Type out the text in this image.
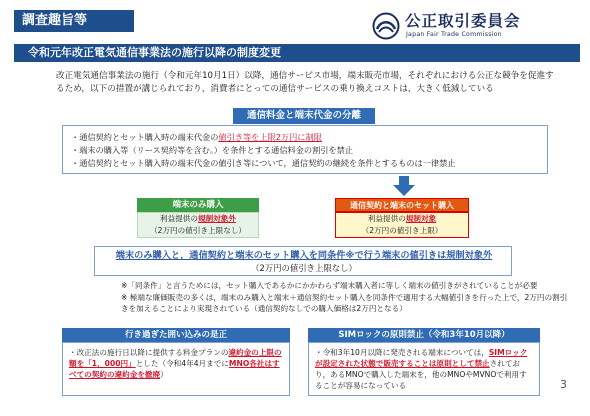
調査趣旨等	公正取引委員会
Japan Fair Trade Commission
令和元年改正電気通信事業法の施行以降の制度変更
改正電気通信事業法の施行（令和元年10月1日）以降，通信サービス市場，端末販売市場，それぞれにおける公正な競争を促進するため，以下の措置が講じられており，消費者にとっての通信サービスの乗り換えコストは，大きく低減している
通信料金と端末代金の分離
・通信契約とセット購入時の端末代金の値引き等を上限2万円に制限
・端末の購入等（リース契約等を含む。）を条件とする通信料金の割引を禁止
・通信契約とセット購入時の端末代金の値引き等について，通信契約の継続を条件とするものは一律禁止
端末のみ購入
利益提供の規制対象外
（2万円の値引き上限なし）
通信契約と端末のセット購入
利益提供の規制対象
（2万円の値引き上限）
端末のみ購入と，通信契約と端末のセット購入を同条件※で行う端末の値引きは規制対象外
（2万円の値引き上限なし）

※「同条件」と言うためには，セット購入であるかにかかわらず端末購入者に等しく端末の値引きがされていることが必要

※ 極端な廉価販売の多くは，端末のみ購入と端末＋通信契約セット購入を同条件で適用する大幅値引きを行った上で，2万円の割引きを加えることにより実現されている（通信契約なしでの購入価格は2万円となる）

行き過ぎた囲い込みの是正
・改正法の施行日以降に提供する料金プランの違約金の上限の額を「1，000円」とした（令和4年4月までにMNO各社はすべての契約の違約金を撤廃）
SIMロックの原則禁止（令和3年10月以降）
・令和3年10月以降に発売される端末については，SIMロックが設定された状態で販売することは原則として禁止されており，あるMNOで購入した端末を，他のMNOやMVNOで利用することが容易になっている	3
